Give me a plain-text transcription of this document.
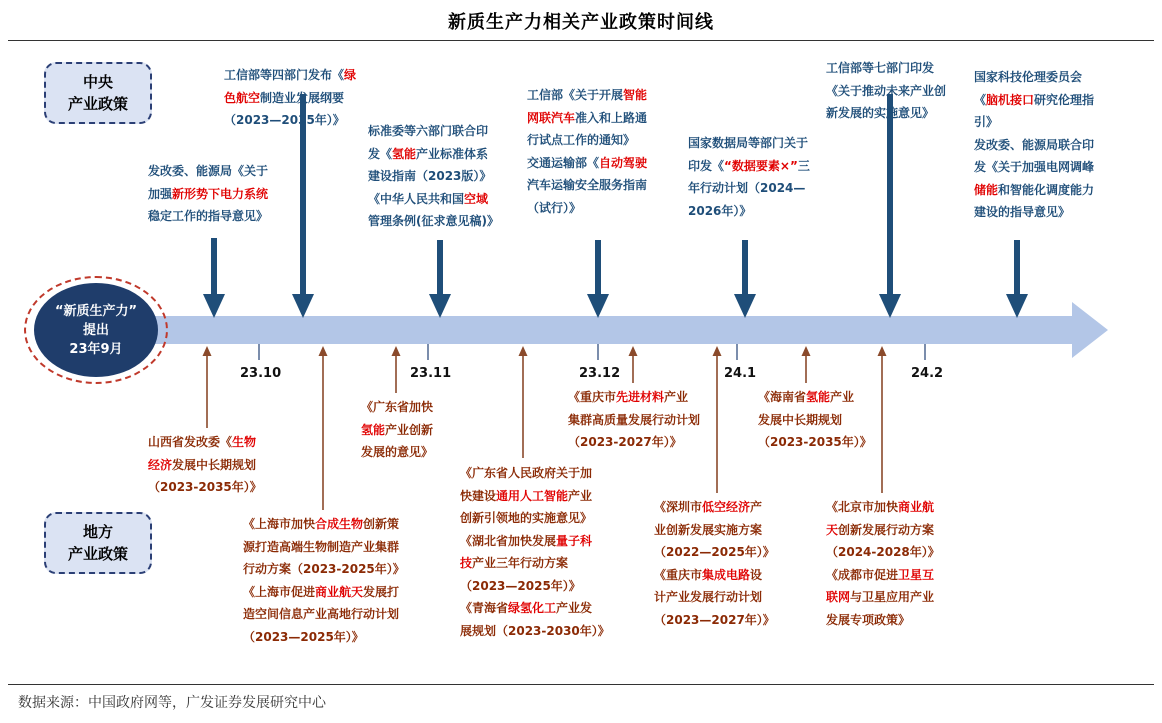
新质生产力相关产业政策时间线
中央
产业政策
地方
产业政策
“新质生产力”
提出
23年9月
23.10	23.11	23.12	24.1	24.2
发改委、能源局《关于
加强新形势下电力系统
稳定工作的指导意见》
工信部等四部门发布《绿
色航空制造业发展纲要
（2023—2035年）》
标准委等六部门联合印
发《氢能产业标准体系
建设指南（2023版）》
《中华人民共和国空域
管理条例(征求意见稿)》
工信部《关于开展智能
网联汽车准入和上路通
行试点工作的通知》
交通运输部《自动驾驶
汽车运输安全服务指南
（试行）》
国家数据局等部门关于
印发《“数据要素×”三
年行动计划（2024—
2026年）》
工信部等七部门印发
《关于推动未来产业创
新发展的实施意见》
国家科技伦理委员会
《脑机接口研究伦理指
引》
发改委、能源局联合印
发《关于加强电网调峰
储能和智能化调度能力
建设的指导意见》
山西省发改委《生物
经济发展中长期规划
（2023-2035年）》
《上海市加快合成生物创新策
源打造高端生物制造产业集群
行动方案（2023-2025年）》
《上海市促进商业航天发展打
造空间信息产业高地行动计划
（2023—2025年）》
《广东省加快
氢能产业创新
发展的意见》
《广东省人民政府关于加
快建设通用人工智能产业
创新引领地的实施意见》
《湖北省加快发展量子科
技产业三年行动方案
（2023—2025年）》
《青海省绿氢化工产业发
展规划（2023-2030年）》
《重庆市先进材料产业
集群高质量发展行动计划
（2023-2027年）》
《深圳市低空经济产
业创新发展实施方案
（2022—2025年）》
《重庆市集成电路设
计产业发展行动计划
（2023—2027年）》
《海南省氢能产业
发展中长期规划
（2023-2035年）》
《北京市加快商业航
天创新发展行动方案
（2024-2028年）》
《成都市促进卫星互
联网与卫星应用产业
发展专项政策》
数据来源：中国政府网等，广发证券发展研究中心
